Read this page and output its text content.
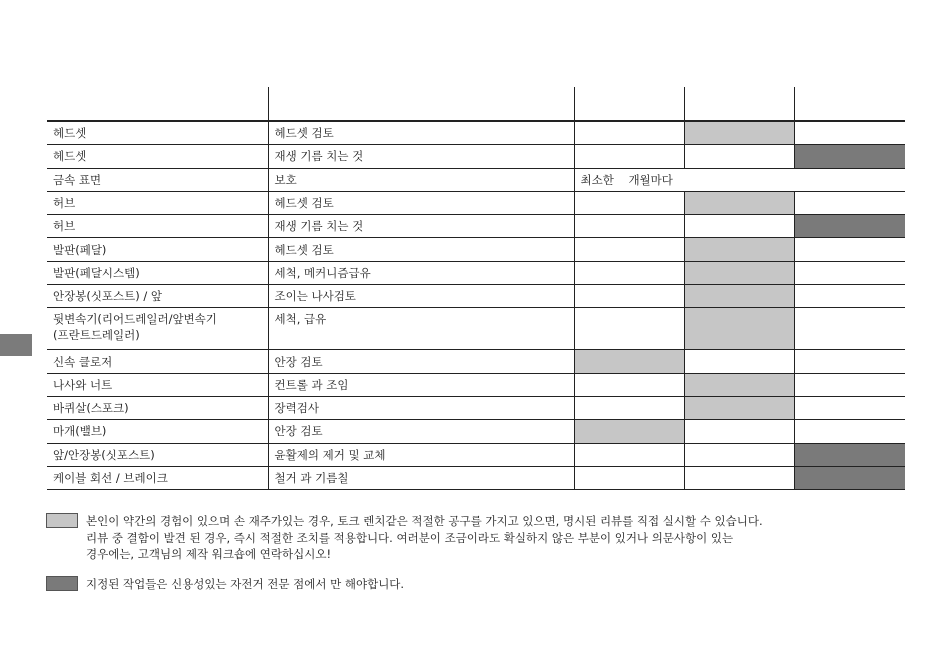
헤드셋	헤드셋 검토			
헤드셋	재생 기름 치는 것			
금속 표면	보호	최소한    개월마다		
허브	헤드셋 검토			
허브	재생 기름 치는 것			
발판(페달)	헤드셋 검토			
발판(페달시스템)	세척, 메커니즘급유			
안장봉(싯포스트) / 앞	조이는 나사검토			
뒷변속기(리어드레일러/앞변속기
(프란트드레일러)	세척, 급유			
신속 클로저	안장 검토			
나사와 너트	컨트롤 과 조임			
바퀴살(스포크)	장력검사			
마개(밸브)	안장 검토			
앞/안장봉(싯포스트)	윤활제의 제거 및 교체			
케이블 회선 / 브레이크	철거 과 기름칠			
본인이 약간의 경험이 있으며 손 재주가있는 경우, 토크 렌치같은 적절한 공구를 가지고 있으면, 명시된 리뷰를 직접 실시할 수 있습니다.
리뷰 중 결함이 발견 된 경우, 즉시 적절한 조치를 적용합니다. 여러분이 조금이라도 확실하지 않은 부분이 있거나 의문사항이 있는
경우에는, 고객님의 제작 워크숍에 연락하십시오!
지정된 작업들은 신용성있는 자전거 전문 점에서 만 해야합니다.
